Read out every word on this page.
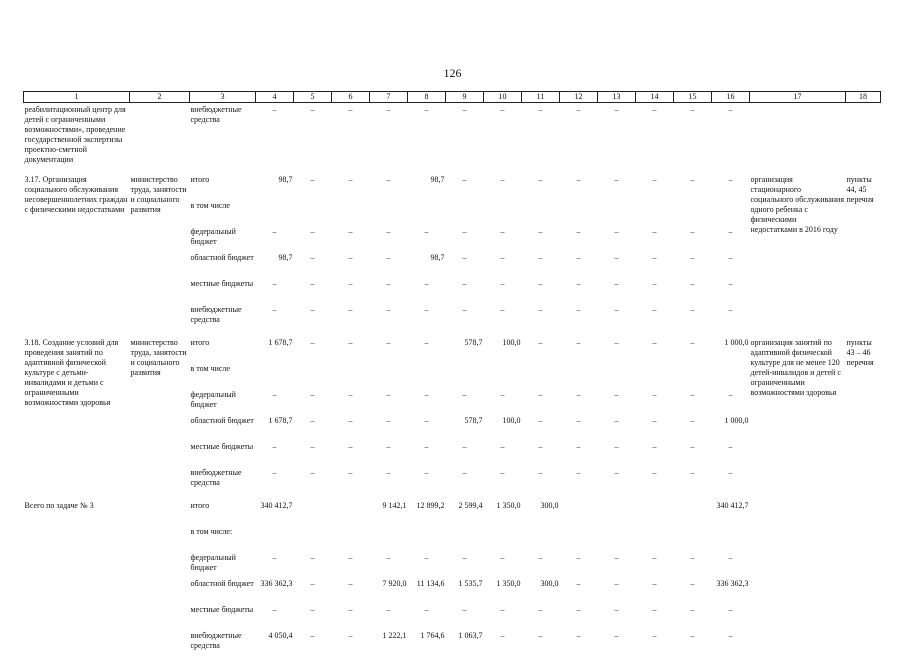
126
1	2	3	4	5	6	7	8	9	10	11	12	13	14	15	16	17	18
реабилитационный центр для детей с ограниченными возможностями», проведение государственной экспертизы проектно-сметной документации		внебюджетные средства	–	–	–	–	–	–	–	–	–	–	–	–	–		

3.17. Организация социального обслуживания несовершеннолетних граждан с физическими недостатками	министерство труда, занятости и социального развития	итого	98,7	–	–	–	98,7	–	–	–	–	–	–	–	–	организация стационарного социального обслуживания одного ребенка с физическими недостатками в 2016 году	пункты 44, 45 перечня
		в том числе															
		федеральный бюджет	–	–	–	–	–	–	–	–	–	–	–	–	–		
		областной бюджет	98,7	–	–	–	98,7	–	–	–	–	–	–	–	–		
		местные бюджеты	–	–	–	–	–	–	–	–	–	–	–	–	–		
		внебюджетные средства	–	–	–	–	–	–	–	–	–	–	–	–	–		

3.18. Создание условий для проведения занятий по адаптивной физической культуре с детьми-инвалидами и детьми с ограниченными возможностями здоровья	министерство труда, занятости и социального развития	итого	1 678,7	–	–	–	–	578,7	100,0	–	–	–	–	–	1 000,0	организация занятий по адаптивной физической культуре для не менее 120 детей-инвалидов и детей с ограниченными возможностями здоровья	пункты 43 – 46 перечня
		в том числе															
		федеральный бюджет	–	–	–	–	–	–	–	–	–	–	–	–	–		
		областной бюджет	1 678,7	–	–	–	–	578,7	100,0	–	–	–	–	–	1 000,0		
		местные бюджеты	–	–	–	–	–	–	–	–	–	–	–	–	–		
		внебюджетные средства	–	–	–	–	–	–	–	–	–	–	–	–	–		

Всего по задаче № 3		итого	340 412,7			9 142,1	12 899,2	2 599,4	1 350,0	300,0					340 412,7		
		в том числе:															
		федеральный бюджет	–	–	–	–	–	–	–	–	–	–	–	–	–		
		областной бюджет	336 362,3	–	–	7 920,0	11 134,6	1 535,7	1 350,0	300,0	–	–	–	–	336 362,3		
		местные бюджеты	–	–	–	–	–	–	–	–	–	–	–	–	–		
		внебюджетные средства	4 050,4	–	–	1 222,1	1 764,6	1 063,7	–	–	–	–	–	–	–		
